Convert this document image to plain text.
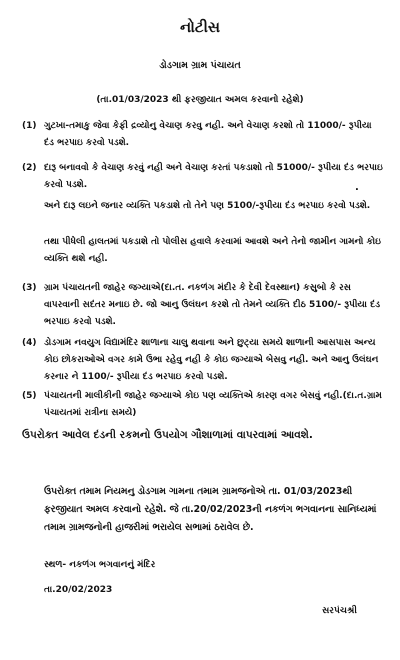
નોટીસ
ડોડગામ ગ્રામ પંચાયત
(તા.01/03/2023 થી ફરજીયાત અમલ કરવાનો રહેશે)
(1) ગુટખા-તમાકુ જેવા કેફી દ્રવ્યોનુ વેચાણ કરવુ નહી. અને વેચાણ કરશો તો 11000/- રૂપીયા દંડ ભરપાઇ કરવો પડશે.
(2) દારૂ બનાવવો કે વેચાણ કરવું નહી અને વેચાણ કરતાં પકડાશો તો 51000/- રૂપીયા દંડ ભરપાઇ કરવો પડશે.
અને દારૂ લઇને જનાર વ્યક્તિ પકડાશે તો તેને પણ 5100/-રૂપીયા દંડ ભરપાઇ કરવો પડશે.
તથા પીધેલી હાલતમાં પકડાશે તો પોલીસ હવાલે કરવામાં આવશે અને તેનો જામીન ગામનો કોઇ વ્યક્તિ થશે નહી.
.
(3) ગ્રામ પંચાયતની જાહેર જગ્યાએ(દા.ત. નકળંગ મંદીર કે દેવી દેવસ્થાન) કસુબો કે રસ વાપરવાની સદંતર મનાઇ છે. જો આનુ ઉલંઘન કરશે તો તેમને વ્યક્તિ દીઠ 5100/- રૂપીયા દંડ ભરપાઇ કરવો પડશે.
(4) ડોડગામ નવયુગ વિદ્યામંદિર શાળાના ચાલુ થવાના અને છુટ્યા સમયે શાળાની આસપાસ અન્ય કોઇ છોકરાઓએ વગર કામે ઉભા રહેવુ નહી કે કોઇ જગ્યાએ બેસવુ નહી. અને આનુ ઉલંઘન કરનાર ને 1100/- રૂપીયા દંડ ભરપાઇ કરવો પડશે.
(5) પંચાયતની માલીકીની જાહેર જગ્યાએ કોઇ પણ વ્યક્તિએ કારણ વગર બેસવું નહી.(દા.ત.ગ્રામ પંચાયતમાં રાત્રીના સમયે)
ઉપરોક્ત આવેલ દંડની રકમનો ઉપયોગ ગૌશાળામાં વાપરવામાં આવશે.
ઉપરોક્ત તમામ નિયમનુ ડોડગામ ગામના તમામ ગ્રામજનોએ તા. 01/03/2023થી ફરજીયાત અમલ કરવાનો રહેશે. જે તા.20/02/2023ની નકળંગ ભગવાનના સાનિધ્યમાં તમામ ગ્રામજનોની હાજરીમાં ભરાયેલ સભામાં ઠરાવેલ છે.
સ્થળ- નકળંગ ભગવાનનું મંદિર
તા.20/02/2023
સરપંચશ્રી
